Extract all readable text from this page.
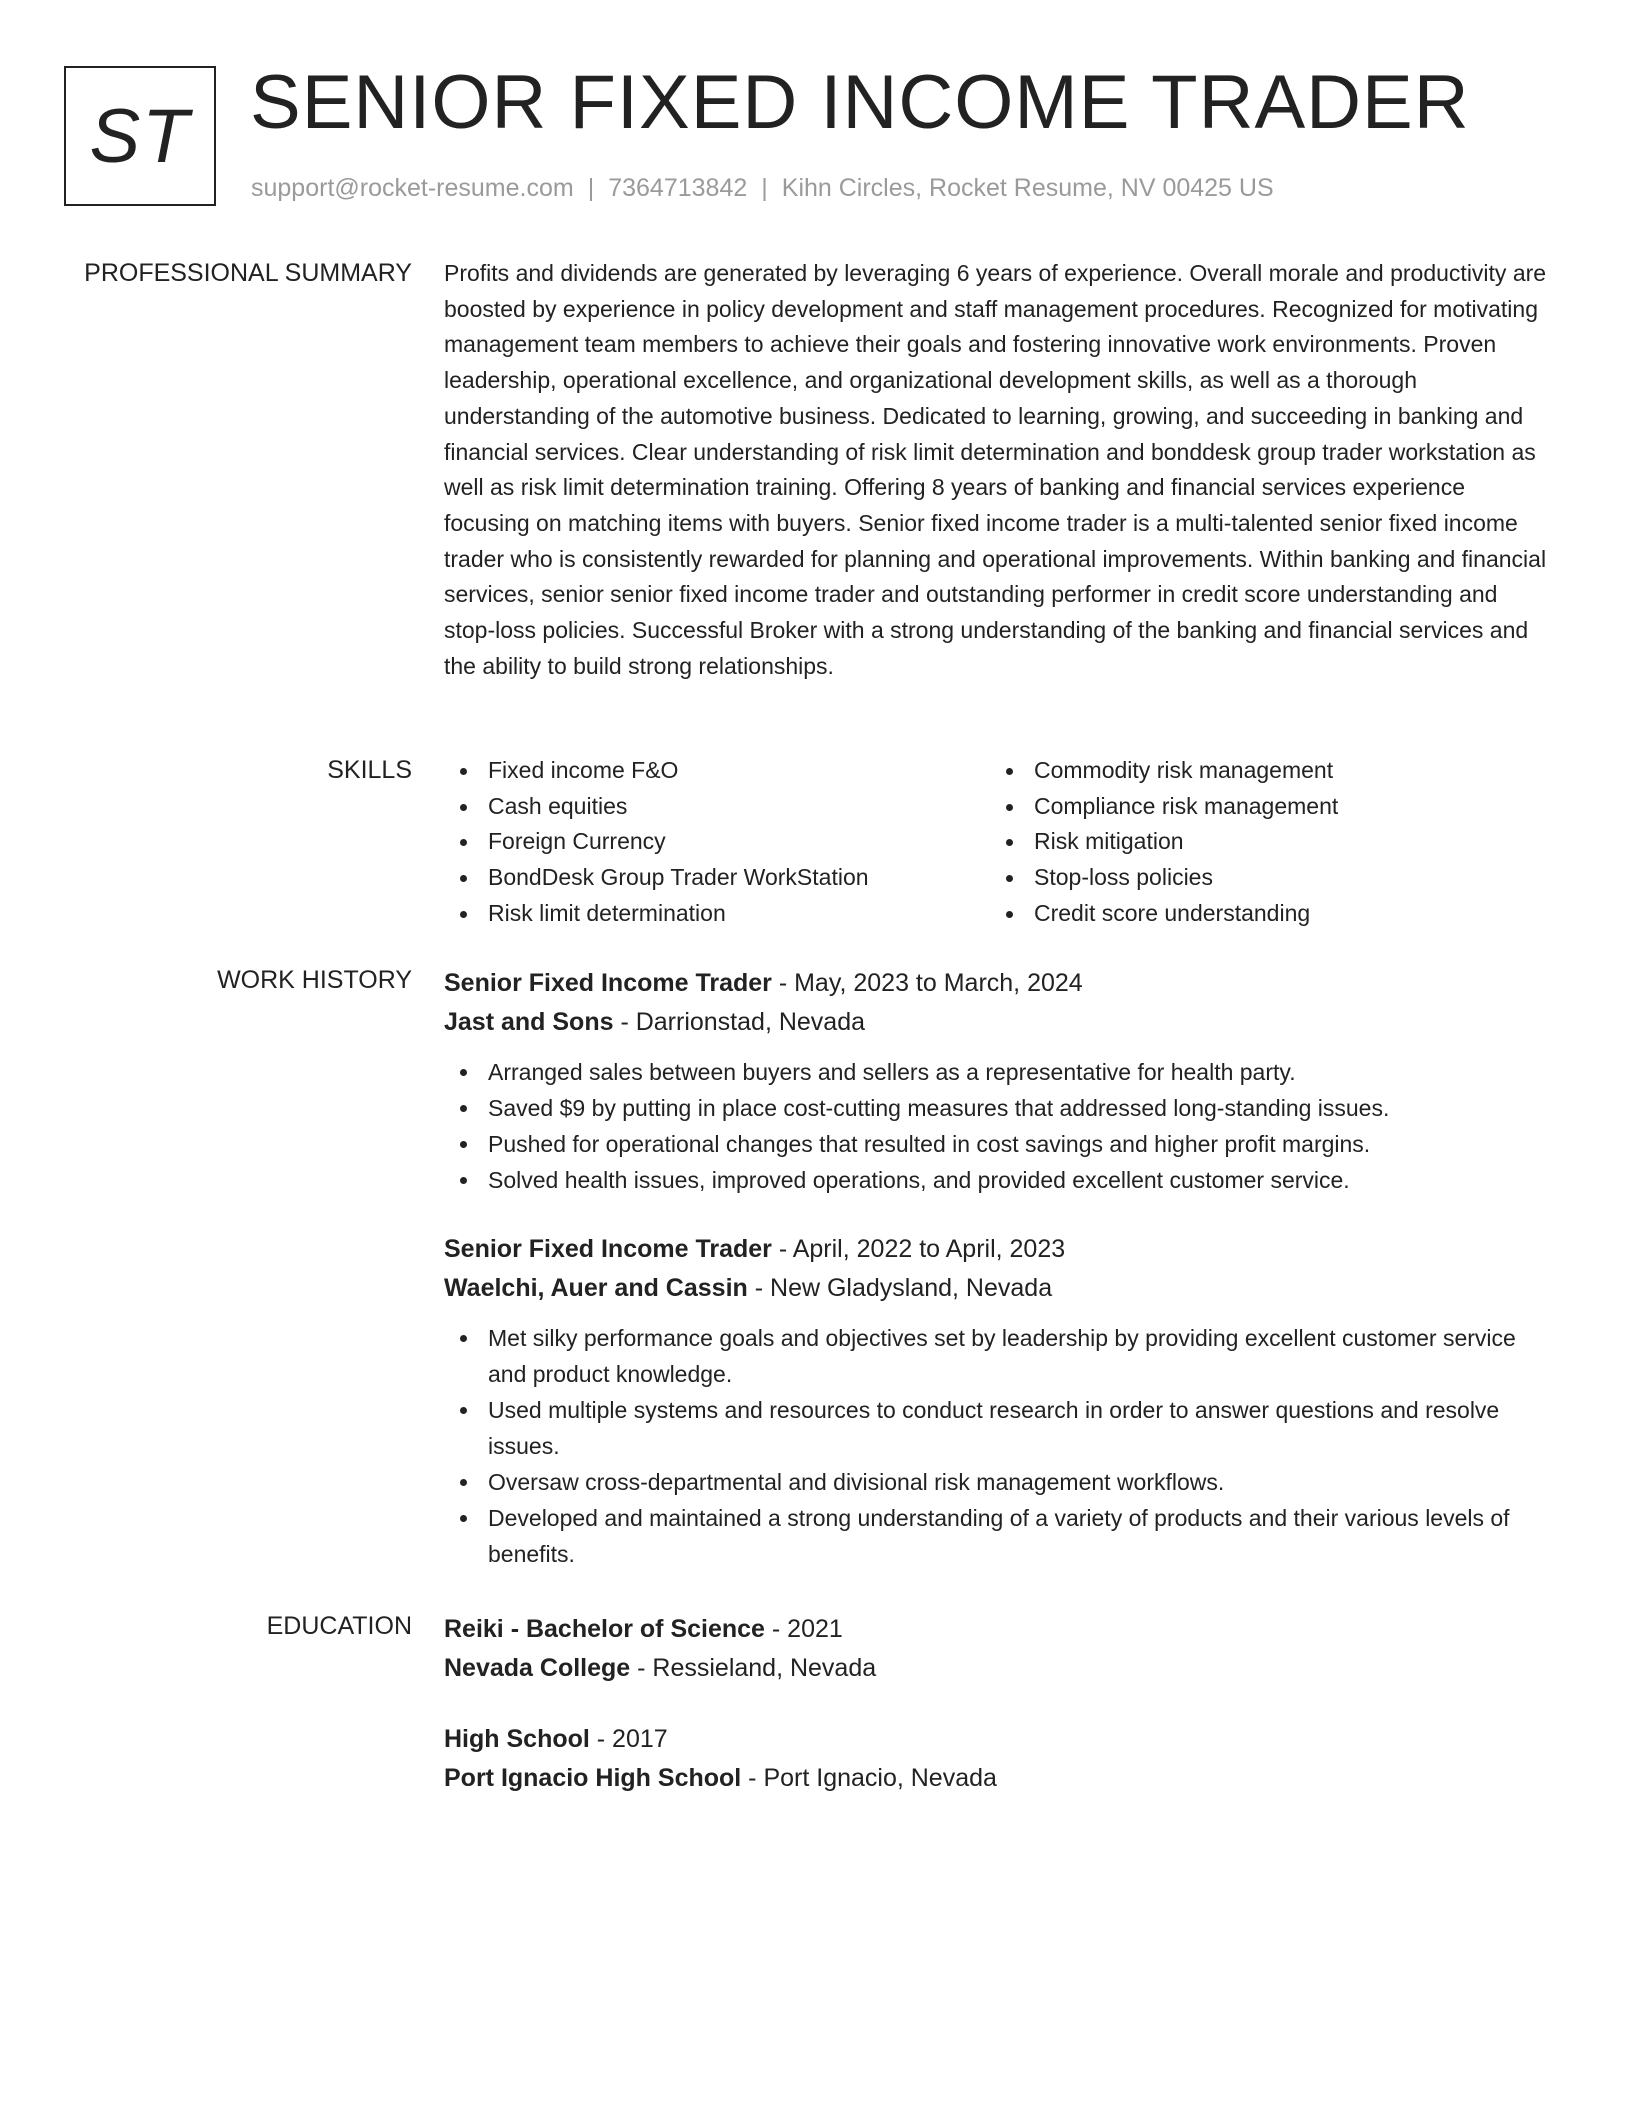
ST SENIOR FIXED INCOME TRADER
support@rocket-resume.com | 7364713842 | Kihn Circles, Rocket Resume, NV 00425 US
PROFESSIONAL SUMMARY Profits and dividends are generated by leveraging 6 years of experience. Overall morale and productivity are boosted by experience in policy development and staff management procedures. Recognized for motivating management team members to achieve their goals and fostering innovative work environments. Proven leadership, operational excellence, and organizational development skills, as well as a thorough understanding of the automotive business. Dedicated to learning, growing, and succeeding in banking and financial services. Clear understanding of risk limit determination and bonddesk group trader workstation as well as risk limit determination training. Offering 8 years of banking and financial services experience focusing on matching items with buyers. Senior fixed income trader is a multi-talented senior fixed income trader who is consistently rewarded for planning and operational improvements. Within banking and financial services, senior senior fixed income trader and outstanding performer in credit score understanding and stop-loss policies. Successful Broker with a strong understanding of the banking and financial services and the ability to build strong relationships.

SKILLS	Fixed income F&O
Cash equities
Foreign Currency
BondDesk Group Trader WorkStation
Risk limit determination
Commodity risk management
Compliance risk management
Risk mitigation
Stop-loss policies
Credit score understanding
WORK HISTORY Senior Fixed Income Trader - May, 2023 to March, 2024
Jast and Sons - Darrionstad, Nevada
Arranged sales between buyers and sellers as a representative for health party.
Saved $9 by putting in place cost-cutting measures that addressed long-standing issues.
Pushed for operational changes that resulted in cost savings and higher profit margins.
Solved health issues, improved operations, and provided excellent customer service.
Senior Fixed Income Trader - April, 2022 to April, 2023
Waelchi, Auer and Cassin - New Gladysland, Nevada
Met silky performance goals and objectives set by leadership by providing excellent customer service and product knowledge.
Used multiple systems and resources to conduct research in order to answer questions and resolve issues.
Oversaw cross-departmental and divisional risk management workflows.
Developed and maintained a strong understanding of a variety of products and their various levels of benefits.
EDUCATION Reiki - Bachelor of Science - 2021
Nevada College - Ressieland, Nevada
High School - 2017
Port Ignacio High School - Port Ignacio, Nevada
